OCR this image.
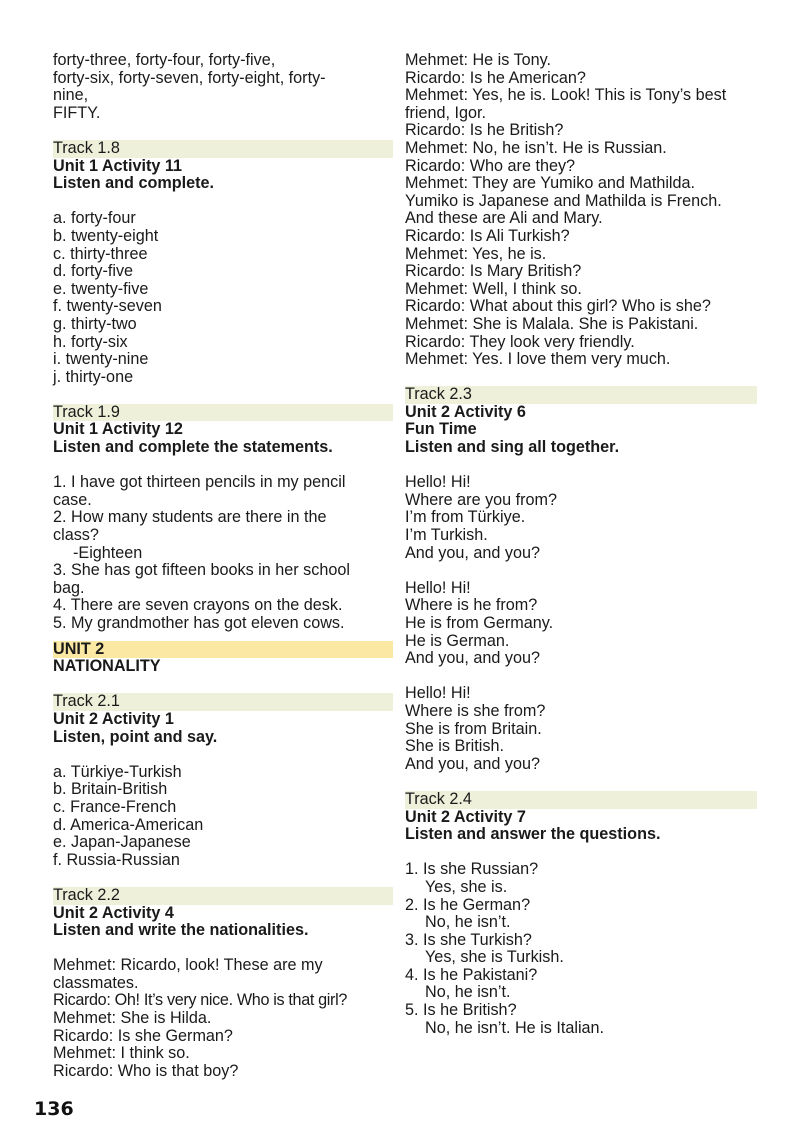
forty-three, forty-four, forty-five,
forty-six, forty-seven, forty-eight, forty-
nine,
FIFTY.
Track 1.8
Unit 1 Activity 11
Listen and complete.
a. forty-four
b. twenty-eight
c. thirty-three
d. forty-five
e. twenty-five
f. twenty-seven
g. thirty-two
h. forty-six
i. twenty-nine
j. thirty-one
Track 1.9
Unit 1 Activity 12
Listen and complete the statements.
1. I have got thirteen pencils in my pencil
case.
2. How many students are there in the
class?
-Eighteen
3. She has got fifteen books in her school
bag.
4. There are seven crayons on the desk.
5. My grandmother has got eleven cows.
UNIT 2
NATIONALITY
Track 2.1
Unit 2 Activity 1
Listen, point and say.
a. Türkiye-Turkish
b. Britain-British
c. France-French
d. America-American
e. Japan-Japanese
f. Russia-Russian
Track 2.2
Unit 2 Activity 4
Listen and write the nationalities.
Mehmet: Ricardo, look! These are my
classmates.
Ricardo: Oh! It’s very nice. Who is that girl?
Mehmet: She is Hilda.
Ricardo: Is she German?
Mehmet: I think so.
Ricardo: Who is that boy?
Mehmet: He is Tony.
Ricardo: Is he American?
Mehmet: Yes, he is. Look! This is Tony’s best
friend, Igor.
Ricardo: Is he British?
Mehmet: No, he isn’t. He is Russian.
Ricardo: Who are they?
Mehmet: They are Yumiko and Mathilda.
Yumiko is Japanese and Mathilda is French.
And these are Ali and Mary.
Ricardo: Is Ali Turkish?
Mehmet: Yes, he is.
Ricardo: Is Mary British?
Mehmet: Well, I think so.
Ricardo: What about this girl? Who is she?
Mehmet: She is Malala. She is Pakistani.
Ricardo: They look very friendly.
Mehmet: Yes. I love them very much.
Track 2.3
Unit 2 Activity 6
Fun Time
Listen and sing all together.
Hello! Hi!
Where are you from?
I’m from Türkiye.
I’m Turkish.
And you, and you?
Hello! Hi!
Where is he from?
He is from Germany.
He is German.
And you, and you?
Hello! Hi!
Where is she from?
She is from Britain.
She is British.
And you, and you?
Track 2.4
Unit 2 Activity 7
Listen and answer the questions.
1. Is she Russian?
Yes, she is.
2. Is he German?
No, he isn’t.
3. Is she Turkish?
Yes, she is Turkish.
4. Is he Pakistani?
No, he isn’t.
5. Is he British?
No, he isn’t. He is Italian.
136
